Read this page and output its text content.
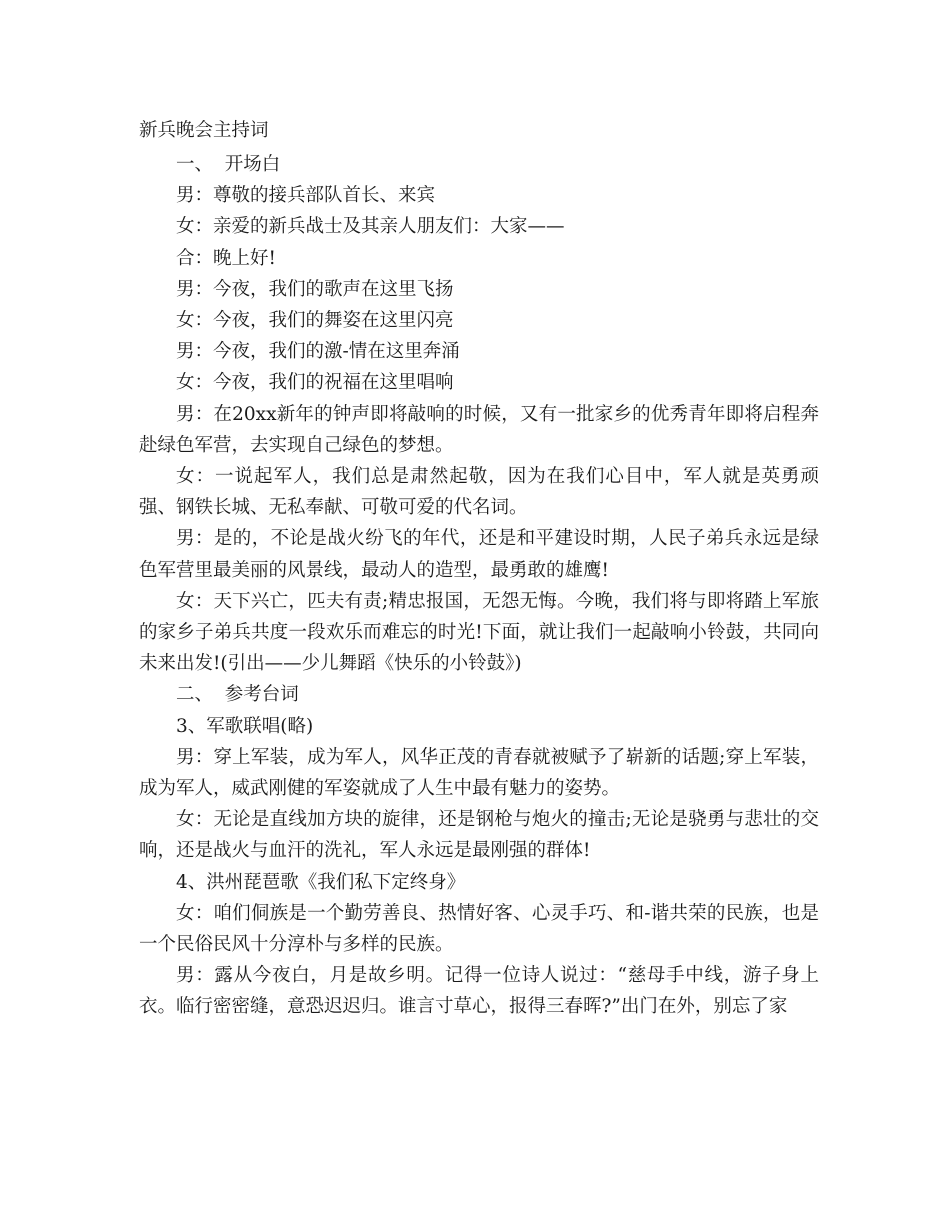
新兵晚会主持词

一、  开场白

男：尊敬的接兵部队首长、来宾

女：亲爱的新兵战士及其亲人朋友们：大家——

合：晚上好!

男：今夜，我们的歌声在这里飞扬

女：今夜，我们的舞姿在这里闪亮

男：今夜，我们的激-情在这里奔涌

女：今夜，我们的祝福在这里唱响

男：在20xx新年的钟声即将敲响的时候，又有一批家乡的优秀青年即将启程奔赴绿色军营，去实现自己绿色的梦想。

女：一说起军人，我们总是肃然起敬，因为在我们心目中，军人就是英勇顽强、钢铁长城、无私奉献、可敬可爱的代名词。

男：是的，不论是战火纷飞的年代，还是和平建设时期，人民子弟兵永远是绿色军营里最美丽的风景线，最动人的造型，最勇敢的雄鹰!

女：天下兴亡，匹夫有责;精忠报国，无怨无悔。今晚，我们将与即将踏上军旅的家乡子弟兵共度一段欢乐而难忘的时光!下面，就让我们一起敲响小铃鼓，共同向未来出发!(引出——少儿舞蹈《快乐的小铃鼓》)

二、  参考台词

3、军歌联唱(略)

男：穿上军装，成为军人，风华正茂的青春就被赋予了崭新的话题;穿上军装，成为军人，威武刚健的军姿就成了人生中最有魅力的姿势。

女：无论是直线加方块的旋律，还是钢枪与炮火的撞击;无论是骁勇与悲壮的交响，还是战火与血汗的洗礼，军人永远是最刚强的群体!

4、洪州琵琶歌《我们私下定终身》

女：咱们侗族是一个勤劳善良、热情好客、心灵手巧、和-谐共荣的民族，也是一个民俗民风十分淳朴与多样的民族。

男：露从今夜白，月是故乡明。记得一位诗人说过：“慈母手中线，游子身上衣。临行密密缝，意恐迟迟归。谁言寸草心，报得三春晖?”出门在外，别忘了家
